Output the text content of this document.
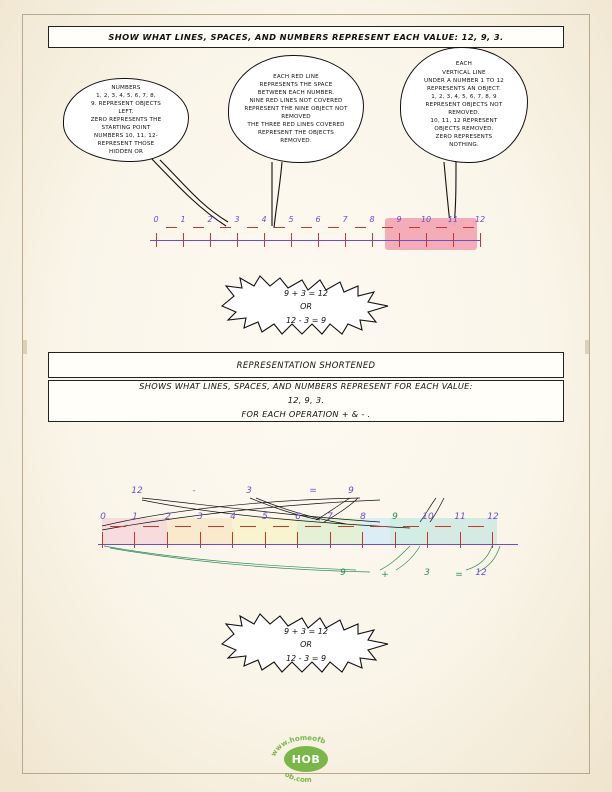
SHOW WHAT LINES, SPACES, AND NUMBERS REPRESENT EACH VALUE: 12, 9, 3.
NUMBERS
1, 2, 3, 4, 5, 6, 7, 8,
9. REPRESENT OBJECTS
LEFT.
ZERO REPRESENTS THE
STARTING POINT
NUMBERS 10, 11, 12-
REPRESENT THOSE
HIDDEN OR
EACH RED LINE
REPRESENTS THE SPACE
BETWEEN EACH NUMBER.
NINE RED LINES NOT COVERED
REPRESENT THE NINE OBJECT NOT
REMOVED
THE THREE RED LINES COVERED
REPRESENT THE OBJECTS
REMOVED.
EACH
VERTICAL LINE
UNDER A NUMBER 1 TO 12
REPRESENTS AN OBJECT.
1, 2, 3, 4, 5, 6, 7, 8, 9
REPRESENT OBJECTS NOT
REMOVED.
10, 11, 12 REPRESENT
OBJECTS REMOVED.
ZERO REPRESENTS
NOTHING.
0	1	2	3	4	5	6	7	8	9	10 11 12
9 + 3 = 12
OR
12 - 3 = 9
REPRESENTATION SHORTENED
SHOWS WHAT LINES, SPACES, AND NUMBERS REPRESENT FOR EACH VALUE:
12, 9, 3.
FOR EACH OPERATION + & - .
12	-	3	=	9
0	1	2	3	4	5	6	7	8	9	10	11	12
9	+	3	=	12
9 + 3 = 12
OR
12 - 3 = 9
www.homeofb
ob.com
HOB
